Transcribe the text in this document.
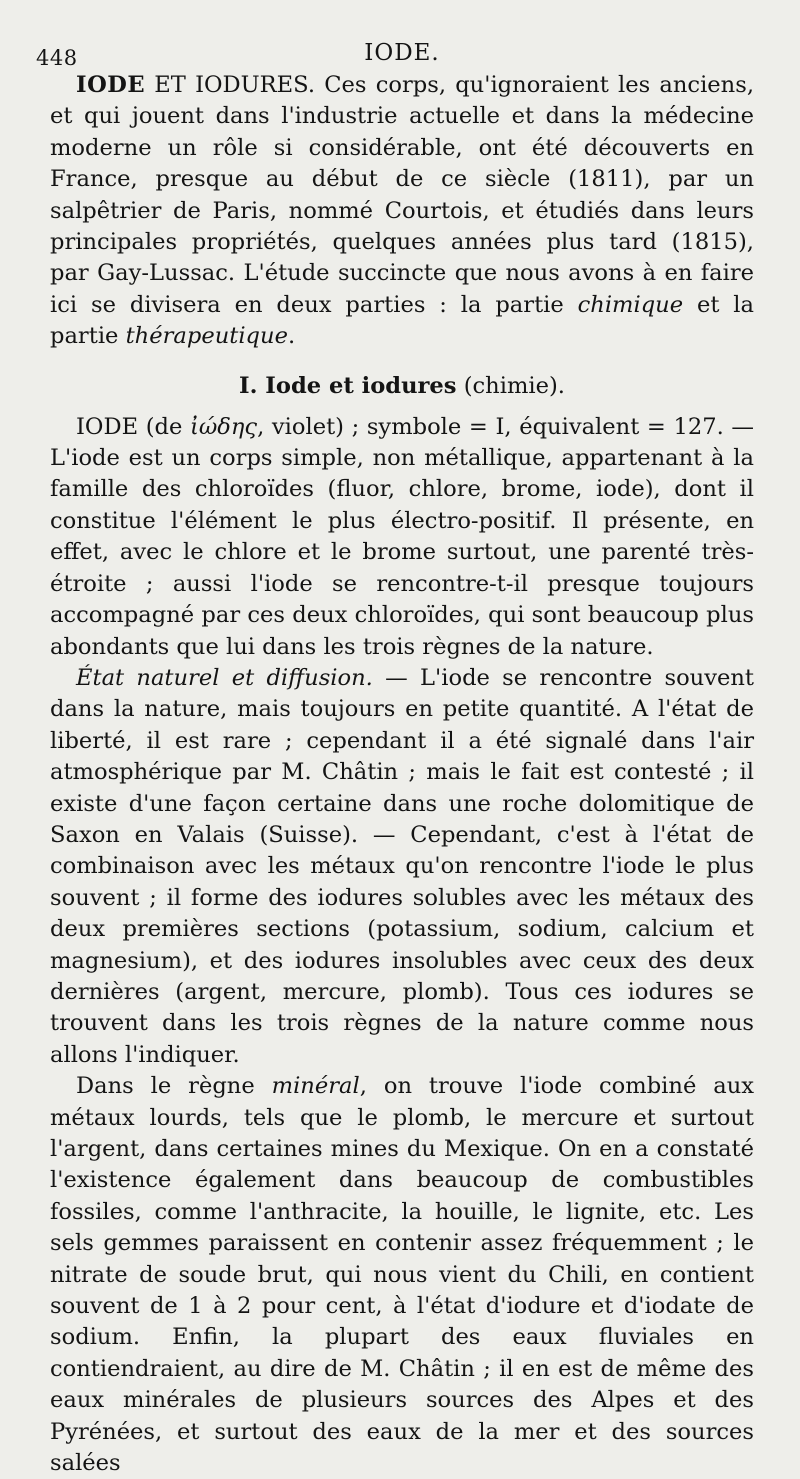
448	IODE.

IODE ET IODURES. Ces corps, qu'ignoraient les anciens, et qui jouent dans l'industrie actuelle et dans la médecine moderne un rôle si considérable, ont été découverts en France, presque au début de ce siècle (1811), par un salpêtrier de Paris, nommé Courtois, et étudiés dans leurs principales propriétés, quelques années plus tard (1815), par Gay-Lussac. L'étude succincte que nous avons à en faire ici se divisera en deux parties : la partie chimique et la partie thérapeutique.

I. Iode et iodures (chimie).

IODE (de ἰώδης, violet) ; symbole = I, équivalent = 127. — L'iode est un corps simple, non métallique, appartenant à la famille des chloroïdes (fluor, chlore, brome, iode), dont il constitue l'élément le plus électro-positif. Il présente, en effet, avec le chlore et le brome surtout, une parenté très-étroite ; aussi l'iode se rencontre-t-il presque toujours accompagné par ces deux chloroïdes, qui sont beaucoup plus abondants que lui dans les trois règnes de la nature.

État naturel et diffusion. — L'iode se rencontre souvent dans la nature, mais toujours en petite quantité. A l'état de liberté, il est rare ; cependant il a été signalé dans l'air atmosphérique par M. Châtin ; mais le fait est contesté ; il existe d'une façon certaine dans une roche dolomitique de Saxon en Valais (Suisse). — Cependant, c'est à l'état de combinaison avec les métaux qu'on rencontre l'iode le plus souvent ; il forme des iodures solubles avec les métaux des deux premières sections (potassium, sodium, calcium et magnesium), et des iodures insolubles avec ceux des deux dernières (argent, mercure, plomb). Tous ces iodures se trouvent dans les trois règnes de la nature comme nous allons l'indiquer.

Dans le règne minéral, on trouve l'iode combiné aux métaux lourds, tels que le plomb, le mercure et surtout l'argent, dans certaines mines du Mexique. On en a constaté l'existence également dans beaucoup de combustibles fossiles, comme l'anthracite, la houille, le lignite, etc. Les sels gemmes paraissent en contenir assez fréquemment ; le nitrate de soude brut, qui nous vient du Chili, en contient souvent de 1 à 2 pour cent, à l'état d'iodure et d'iodate de sodium. Enfin, la plupart des eaux fluviales en contiendraient, au dire de M. Châtin ; il en est de même des eaux minérales de plusieurs sources des Alpes et des Pyrénées, et surtout des eaux de la mer et des sources salées
